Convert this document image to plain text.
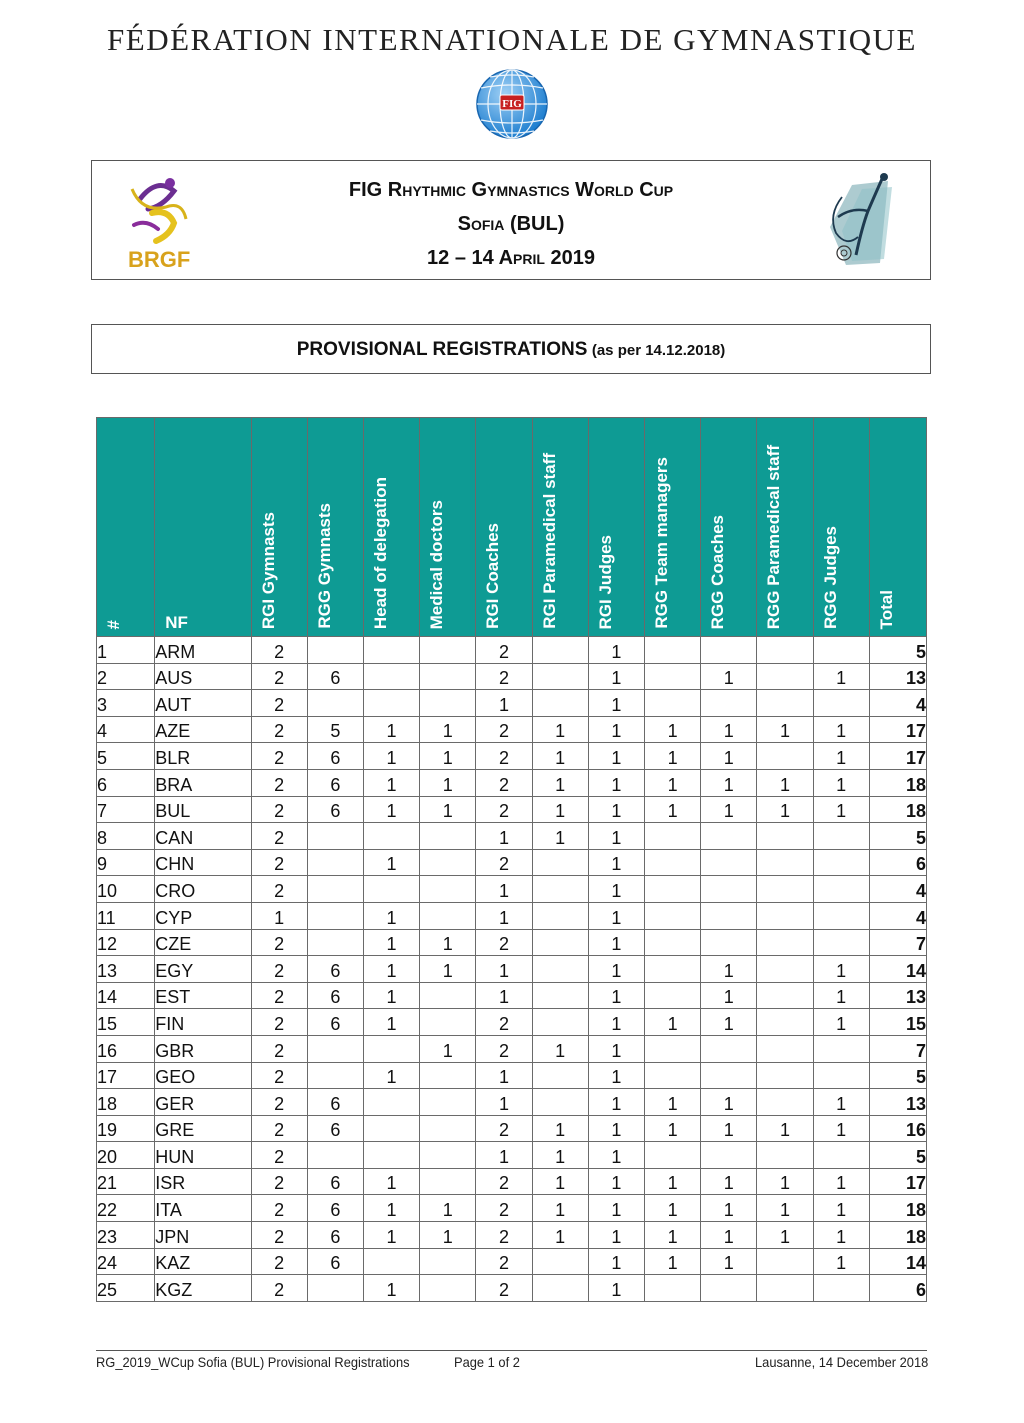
FÉDÉRATION INTERNATIONALE DE GYMNASTIQUE
FIG
BRGF
FIG Rhythmic Gymnastics World Cup
Sofia (BUL)
12 – 14 April 2019
PROVISIONAL REGISTRATIONS (as per 14.12.2018)
#	NF	RGI Gymnasts	RGG Gymnasts	Head of delegation	Medical doctors	RGI Coaches	RGI Paramedical staff	RGI Judges	RGG Team managers	RGG Coaches	RGG Paramedical staff	RGG Judges	Total
1	ARM	2				2		1					5
2	AUS	2	6			2		1		1		1	13
3	AUT	2				1		1					4
4	AZE	2	5	1	1	2	1	1	1	1	1	1	17
5	BLR	2	6	1	1	2	1	1	1	1		1	17
6	BRA	2	6	1	1	2	1	1	1	1	1	1	18
7	BUL	2	6	1	1	2	1	1	1	1	1	1	18
8	CAN	2				1	1	1					5
9	CHN	2		1		2		1					6
10	CRO	2				1		1					4
11	CYP	1		1		1		1					4
12	CZE	2		1	1	2		1					7
13	EGY	2	6	1	1	1		1		1		1	14
14	EST	2	6	1		1		1		1		1	13
15	FIN	2	6	1		2		1	1	1		1	15
16	GBR	2			1	2	1	1					7
17	GEO	2		1		1		1					5
18	GER	2	6			1		1	1	1		1	13
19	GRE	2	6			2	1	1	1	1	1	1	16
20	HUN	2				1	1	1					5
21	ISR	2	6	1		2	1	1	1	1	1	1	17
22	ITA	2	6	1	1	2	1	1	1	1	1	1	18
23	JPN	2	6	1	1	2	1	1	1	1	1	1	18
24	KAZ	2	6			2		1	1	1		1	14
25	KGZ	2		1		2		1					6
RG_2019_WCup Sofia (BUL) Provisional Registrations	Page 1 of 2	Lausanne, 14 December 2018
